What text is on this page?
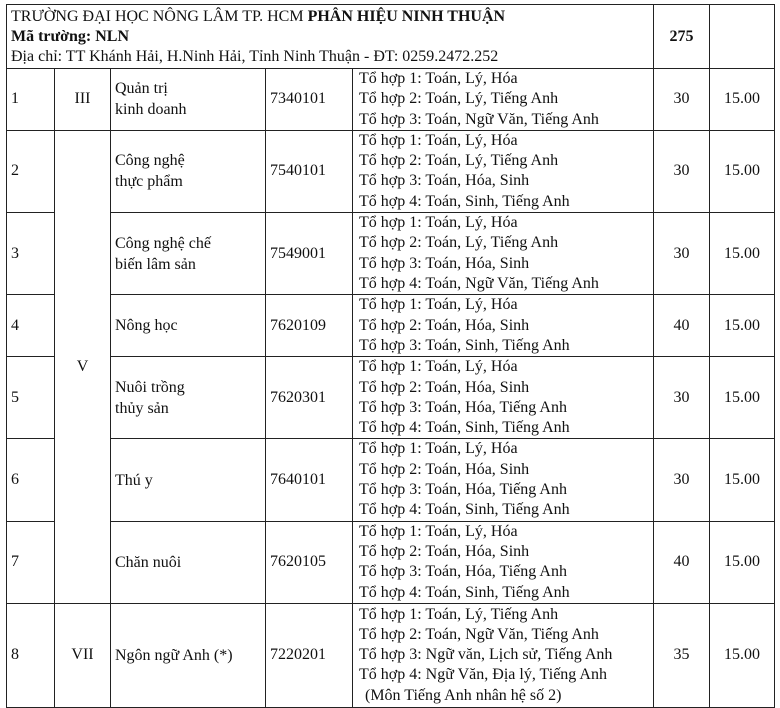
TRƯỜNG ĐẠI HỌC NÔNG LÂM TP. HCM PHÂN HIỆU NINH THUẬN
Mã trường: NLN
Địa chỉ: TT Khánh Hải, H.Ninh Hải, Tỉnh Ninh Thuận - ĐT: 0259.2472.252					275	
1	III	Quản trị
kinh doanh	7340101	Tổ hợp 1: Toán, Lý, Hóa
Tổ hợp 2: Toán, Lý, Tiếng Anh
Tổ hợp 3: Toán, Ngữ Văn, Tiếng Anh	30	15.00
2	V	Công nghệ
thực phẩm	7540101	Tổ hợp 1: Toán, Lý, Hóa
Tổ hợp 2: Toán, Lý, Tiếng Anh
Tổ hợp 3: Toán, Hóa, Sinh
Tổ hợp 4: Toán, Sinh, Tiếng Anh	30	15.00
3		Công nghệ chế
biến lâm sản	7549001	Tổ hợp 1: Toán, Lý, Hóa
Tổ hợp 2: Toán, Lý, Tiếng Anh
Tổ hợp 3: Toán, Hóa, Sinh
Tổ hợp 4: Toán, Ngữ Văn, Tiếng Anh	30	15.00
4		Nông học	7620109	Tổ hợp 1: Toán, Lý, Hóa
Tổ hợp 2: Toán, Hóa, Sinh
Tổ hợp 3: Toán, Sinh, Tiếng Anh	40	15.00
5		Nuôi trồng
thủy sản	7620301	Tổ hợp 1: Toán, Lý, Hóa
Tổ hợp 2: Toán, Hóa, Sinh
Tổ hợp 3: Toán, Hóa, Tiếng Anh
Tổ hợp 4: Toán, Sinh, Tiếng Anh	30	15.00
6		Thú y	7640101	Tổ hợp 1: Toán, Lý, Hóa
Tổ hợp 2: Toán, Hóa, Sinh
Tổ hợp 3: Toán, Hóa, Tiếng Anh
Tổ hợp 4: Toán, Sinh, Tiếng Anh	30	15.00
7		Chăn nuôi	7620105	Tổ hợp 1: Toán, Lý, Hóa
Tổ hợp 2: Toán, Hóa, Sinh
Tổ hợp 3: Toán, Hóa, Tiếng Anh
Tổ hợp 4: Toán, Sinh, Tiếng Anh	40	15.00
8	VII	Ngôn ngữ Anh (*)	7220201	Tổ hợp 1: Toán, Lý, Tiếng Anh
Tổ hợp 2: Toán, Ngữ Văn, Tiếng Anh
Tổ hợp 3: Ngữ văn, Lịch sử, Tiếng Anh
Tổ hợp 4: Ngữ Văn, Địa lý, Tiếng Anh
(Môn Tiếng Anh nhân hệ số 2)	35	15.00
